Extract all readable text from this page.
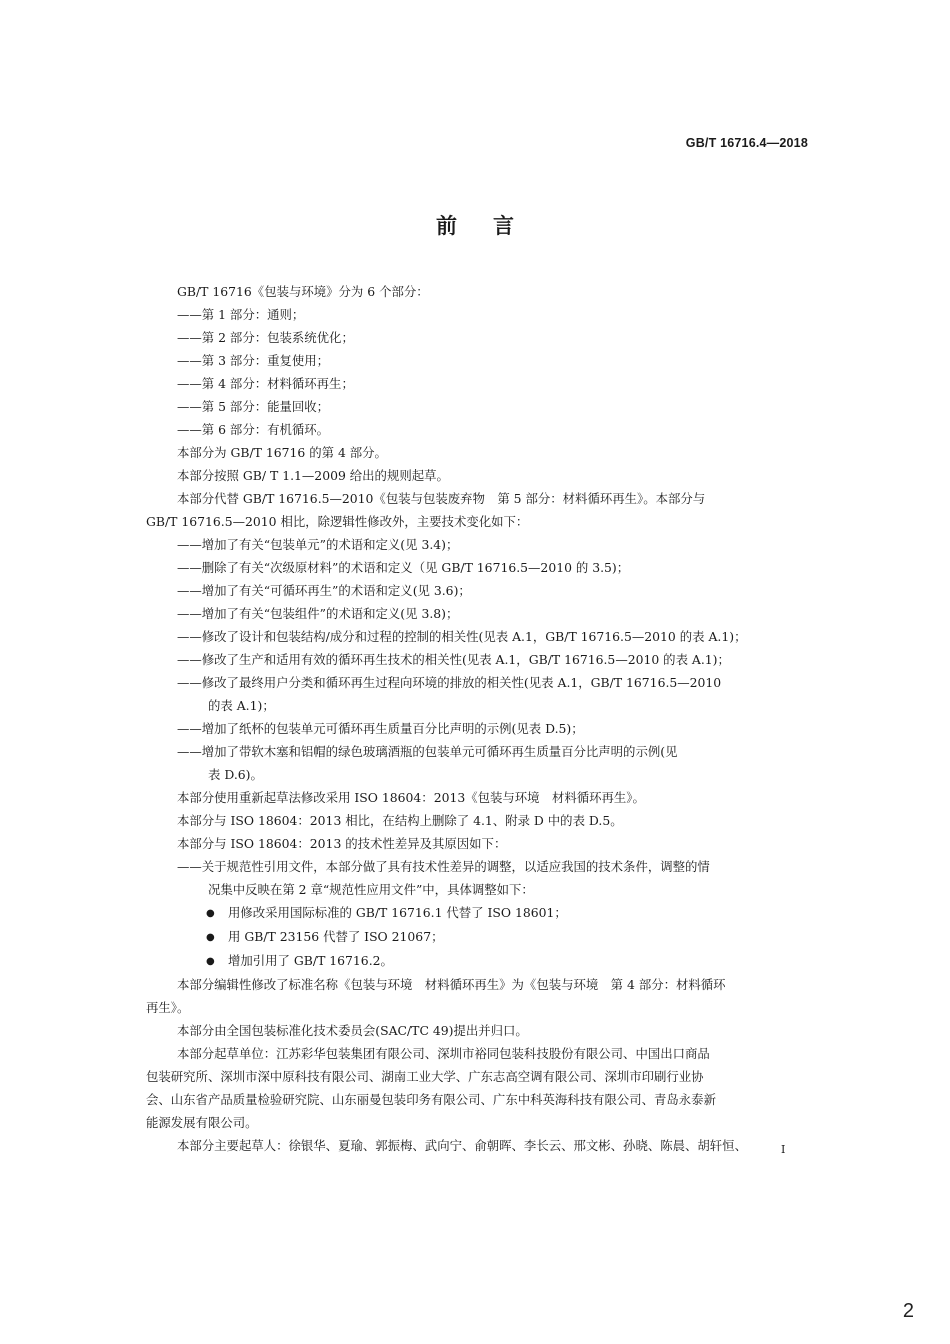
GB/T 16716.4—2018
前言
GB/T 16716《包装与环境》分为 6 个部分：
——第 1 部分：通则；
——第 2 部分：包装系统优化；
——第 3 部分：重复使用；
——第 4 部分：材料循环再生；
——第 5 部分：能量回收；
——第 6 部分：有机循环。
本部分为 GB/T 16716 的第 4 部分。
本部分按照 GB/ T 1.1—2009 给出的规则起草。
本部分代替 GB/T 16716.5—2010《包装与包装废弃物　第 5 部分：材料循环再生》。本部分与
GB/T 16716.5—2010 相比，除逻辑性修改外，主要技术变化如下：
——增加了有关“包装单元”的术语和定义(见 3.4)；
——删除了有关“次级原材料”的术语和定义（见 GB/T 16716.5—2010 的 3.5)；
——增加了有关“可循环再生”的术语和定义(见 3.6)；
——增加了有关“包装组件”的术语和定义(见 3.8)；
——修改了设计和包装结构/成分和过程的控制的相关性(见表 A.1，GB/T 16716.5—2010 的表 A.1)；
——修改了生产和适用有效的循环再生技术的相关性(见表 A.1，GB/T 16716.5—2010 的表 A.1)；
——修改了最终用户分类和循环再生过程向环境的排放的相关性(见表 A.1，GB/T 16716.5—2010
的表 A.1)；
——增加了纸杯的包装单元可循环再生质量百分比声明的示例(见表 D.5)；
——增加了带软木塞和铝帽的绿色玻璃酒瓶的包装单元可循环再生质量百分比声明的示例(见
表 D.6)。
本部分使用重新起草法修改采用 ISO 18604：2013《包装与环境　材料循环再生》。
本部分与 ISO 18604：2013 相比，在结构上删除了 4.1、附录 D 中的表 D.5。
本部分与 ISO 18604：2013 的技术性差异及其原因如下：
——关于规范性引用文件，本部分做了具有技术性差异的调整，以适应我国的技术条件，调整的情
况集中反映在第 2 章“规范性应用文件”中，具体调整如下：
● 用修改采用国际标准的 GB/T 16716.1 代替了 ISO 18601；
● 用 GB/T 23156 代替了 ISO 21067；
● 增加引用了 GB/T 16716.2。
本部分编辑性修改了标准名称《包装与环境　材料循环再生》为《包装与环境　第 4 部分：材料循环
再生》。
本部分由全国包装标准化技术委员会(SAC/TC 49)提出并归口。
本部分起草单位：江苏彩华包装集团有限公司、深圳市裕同包装科技股份有限公司、中国出口商品
包装研究所、深圳市深中原科技有限公司、湖南工业大学、广东志高空调有限公司、深圳市印刷行业协
会、山东省产品质量检验研究院、山东丽曼包装印务有限公司、广东中科英海科技有限公司、青岛永泰新
能源发展有限公司。
本部分主要起草人：徐银华、夏瑜、郭振梅、武向宁、俞朝晖、李长云、邢文彬、孙晓、陈晨、胡轩恒、	I
2
